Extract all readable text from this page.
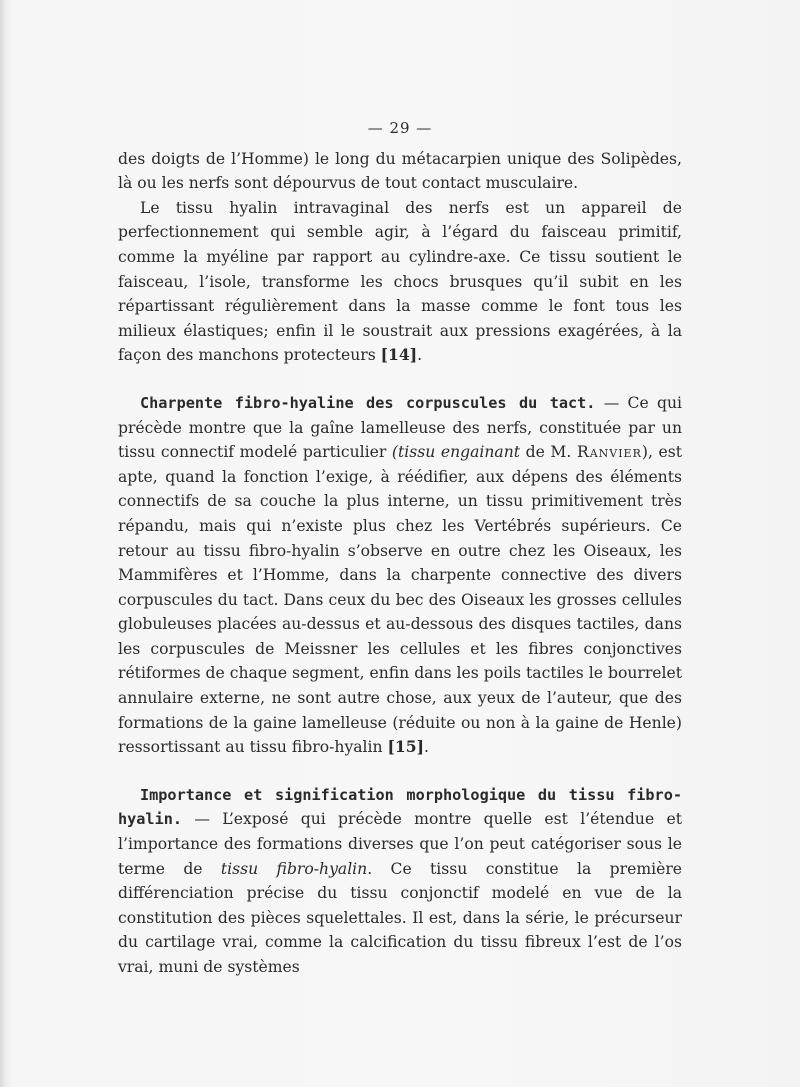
— 29 —

des doigts de l’Homme) le long du métacarpien unique des Solipèdes, là ou les nerfs sont dépourvus de tout contact musculaire.

Le tissu hyalin intravaginal des nerfs est un appareil de perfectionnement qui semble agir, à l’égard du faisceau primitif, comme la myéline par rapport au cylindre-axe. Ce tissu soutient le faisceau, l’isole, transforme les chocs brusques qu’il subit en les répartissant régulièrement dans la masse comme le font tous les milieux élastiques; enfin il le soustrait aux pressions exagérées, à la façon des manchons protecteurs [14].

Charpente fibro-hyaline des corpuscules du tact. — Ce qui précède montre que la gaîne lamelleuse des nerfs, constituée par un tissu connectif modelé particulier (tissu engainant de M. Ranvier), est apte, quand la fonction l’exige, à réédifier, aux dépens des éléments connectifs de sa couche la plus interne, un tissu primitivement très répandu, mais qui n’existe plus chez les Vertébrés supérieurs. Ce retour au tissu fibro-hyalin s’observe en outre chez les Oiseaux, les Mammifères et l’Homme, dans la charpente connective des divers corpuscules du tact. Dans ceux du bec des Oiseaux les grosses cellules globuleuses placées au-dessus et au-dessous des disques tactiles, dans les corpuscules de Meissner les cellules et les fibres conjonctives rétiformes de chaque segment, enfin dans les poils tactiles le bourrelet annulaire externe, ne sont autre chose, aux yeux de l’auteur, que des formations de la gaine lamelleuse (réduite ou non à la gaine de Henle) ressortissant au tissu fibro-hyalin [15].

Importance et signification morphologique du tissu fibro-hyalin. — L’exposé qui précède montre quelle est l’étendue et l’importance des formations diverses que l’on peut catégoriser sous le terme de tissu fibro-hyalin. Ce tissu constitue la première différenciation précise du tissu conjonctif modelé en vue de la constitution des pièces squelettales. Il est, dans la série, le précurseur du cartilage vrai, comme la calcification du tissu fibreux l’est de l’os vrai, muni de systèmes
